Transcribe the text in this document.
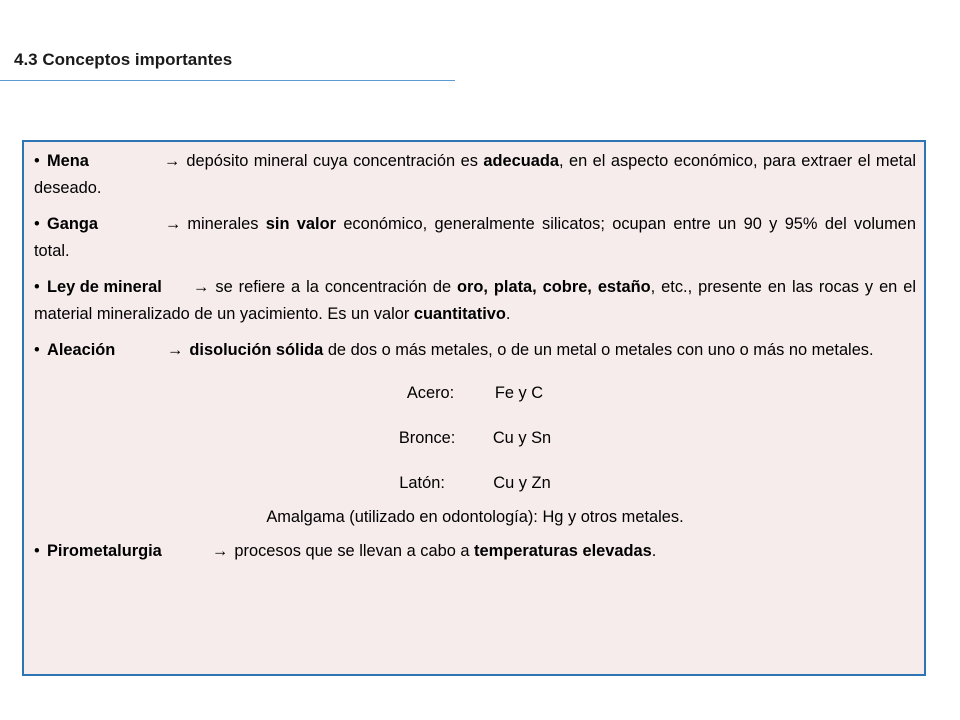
4.3 Conceptos importantes

• Mena	→ depósito mineral cuya concentración es adecuada, en el aspecto económico, para extraer el metal deseado.

• Ganga	→ minerales sin valor económico, generalmente silicatos; ocupan entre un 90 y 95% del volumen total.

• Ley de mineral → se refiere a la concentración de oro, plata, cobre, estaño, etc., presente en las rocas y en el material mineralizado de un yacimiento. Es un valor cuantitativo.

• Aleación	→ disolución sólida de dos o más metales, o de un metal o metales con uno o más no metales.

Acero: Fe y C
Bronce: Cu y Sn
Latón:	Cu y Zn
Amalgama (utilizado en odontología): Hg y otros metales.

• Pirometalurgia	→ procesos que se llevan a cabo a temperaturas elevadas.
